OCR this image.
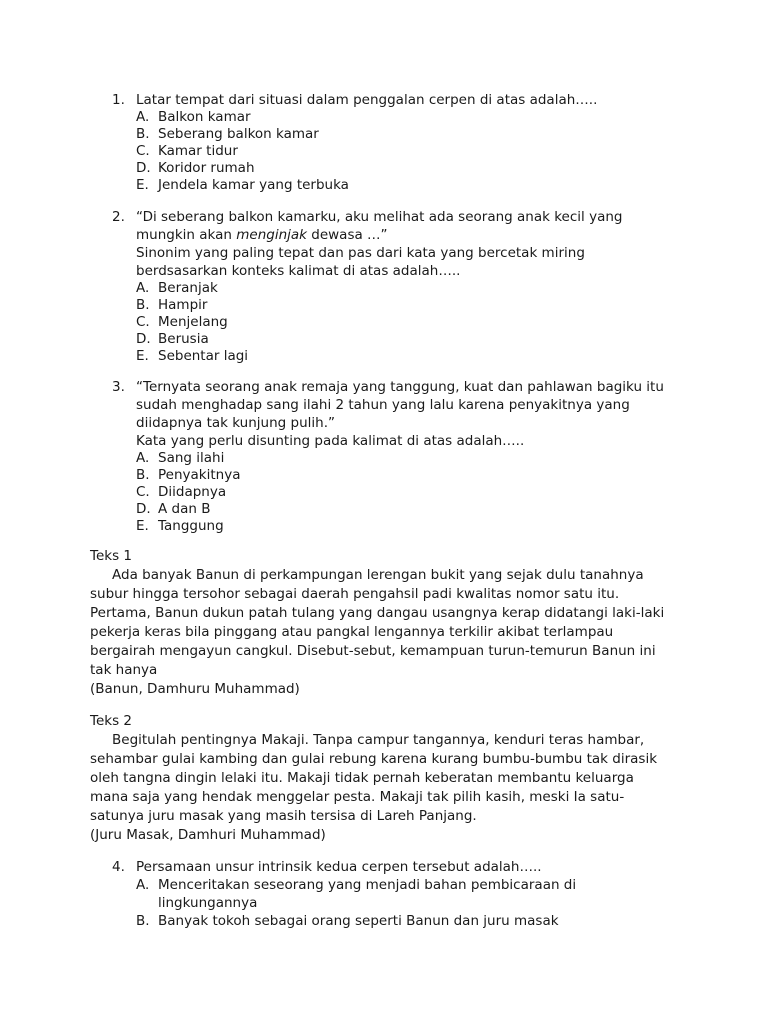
1. Latar tempat dari situasi dalam penggalan cerpen di atas adalah…..
A. Balkon kamar
B. Seberang balkon kamar
C. Kamar tidur
D. Koridor rumah
E. Jendela kamar yang terbuka
2. “Di seberang balkon kamarku, aku melihat ada seorang anak kecil yang
mungkin akan menginjak dewasa …”
Sinonim yang paling tepat dan pas dari kata yang bercetak miring
berdsasarkan konteks kalimat di atas adalah…..
A. Beranjak
B. Hampir
C. Menjelang
D. Berusia
E. Sebentar lagi
3. “Ternyata seorang anak remaja yang tanggung, kuat dan pahlawan bagiku itu
sudah menghadap sang ilahi 2 tahun yang lalu karena penyakitnya yang
diidapnya tak kunjung pulih.”
Kata yang perlu disunting pada kalimat di atas adalah…..
A. Sang ilahi
B. Penyakitnya
C. Diidapnya
D. A dan B
E. Tanggung
Teks 1
Ada banyak Banun di perkampungan lerengan bukit yang sejak dulu tanahnya
subur hingga tersohor sebagai daerah pengahsil padi kwalitas nomor satu itu.
Pertama, Banun dukun patah tulang yang dangau usangnya kerap didatangi laki-laki
pekerja keras bila pinggang atau pangkal lengannya terkilir akibat terlampau
bergairah mengayun cangkul. Disebut-sebut, kemampuan turun-temurun Banun ini
tak hanya
(Banun, Damhuru Muhammad)
Teks 2
Begitulah pentingnya Makaji. Tanpa campur tangannya, kenduri teras hambar,
sehambar gulai kambing dan gulai rebung karena kurang bumbu-bumbu tak dirasik
oleh tangna dingin lelaki itu. Makaji tidak pernah keberatan membantu keluarga
mana saja yang hendak menggelar pesta. Makaji tak pilih kasih, meski Ia satu-
satunya juru masak yang masih tersisa di Lareh Panjang.
(Juru Masak, Damhuri Muhammad)
4. Persamaan unsur intrinsik kedua cerpen tersebut adalah…..
A. Menceritakan seseorang yang menjadi bahan pembicaraan di
lingkungannya
B. Banyak tokoh sebagai orang seperti Banun dan juru masak
